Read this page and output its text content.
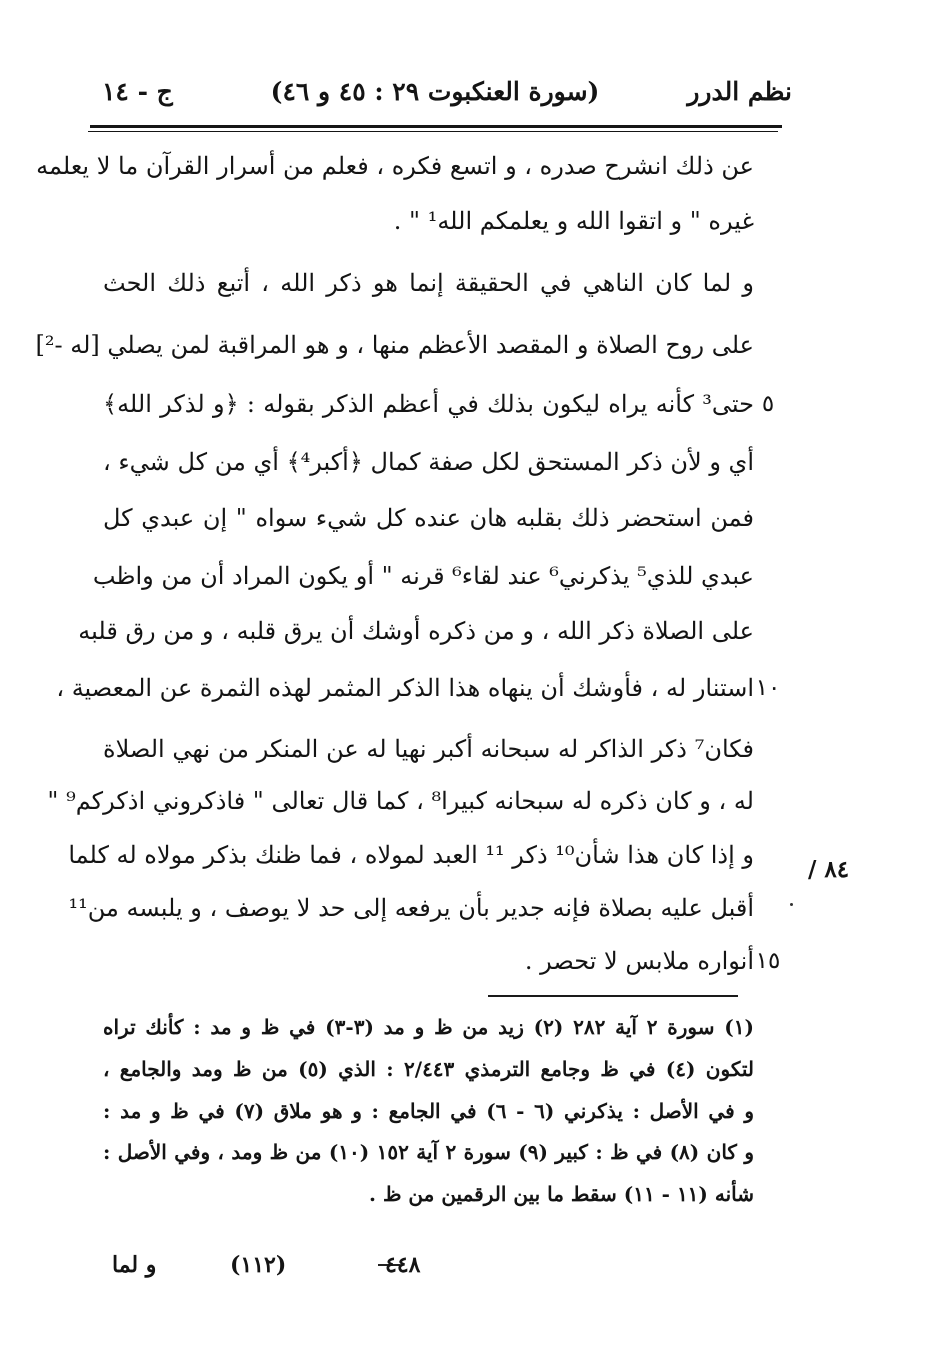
نظم الدرر
(سورة العنكبوت ٢٩ : ٤٥ و ٤٦)
ج - ١٤
عن ذلك انشرح صدره ، و اتسع فكره ، فعلم من أسرار القرآن ما لا يعلمه
غيره " و اتقوا الله و يعلمكم الله¹ " .
و لما كان الناهي في الحقيقة إنما هو ذكر الله ، أتبع ذلك الحث
على روح الصلاة و المقصد الأعظم منها ، و هو المراقبة لمن يصلي [له -²]
حتى³ كأنه يراه ليكون بذلك في أعظم الذكر بقوله : ﴿و لذكر الله﴾
أي و لأن ذكر المستحق لكل صفة كمال ﴿أكبر⁴﴾ أي من كل شيء ،
فمن استحضر ذلك بقلبه هان عنده كل شيء سواه " إن عبدي كل
عبدي للذي⁵ يذكرني⁶ عند لقاء⁶ قرنه " أو يكون المراد أن من واظب
على الصلاة ذكر الله ، و من ذكره أوشك أن يرق قلبه ، و من رق قلبه
استنار له ، فأوشك أن ينهاه هذا الذكر المثمر لهذه الثمرة عن المعصية ،
فكان⁷ ذكر الذاكر له سبحانه أكبر نهيا له عن المنكر من نهي الصلاة
له ، و كان ذكره له سبحانه كبيرا⁸ ، كما قال تعالى " فاذكروني اذكركم⁹ "
و إذا كان هذا شأن¹⁰ ذكر ¹¹ العبد لمولاه ، فما ظنك بذكر مولاه له كلما
أقبل عليه بصلاة فإنه جدير بأن يرفعه إلى حد لا يوصف ، و يلبسه من¹¹
أنواره ملابس لا تحصر .
٥
١٠
١٥
٨٤ /
(١) سورة ٢ آية ٢٨٢ (٢) زيد من ظ و مد (٣-٣) في ظ و مد : كأنك تراه
لتكون (٤) في ظ وجامع الترمذي ٢/٤٤٣ : الذي (٥) من ظ ومد والجامع ،
و في الأصل : يذكرني (٦ - ٦) في الجامع : و هو ملاق (٧) في ظ و مد :
و كان (٨) في ظ : كبير (٩) سورة ٢ آية ١٥٢ (١٠) من ظ ومد ، وفي الأصل :
شأنه (١١ - ١١) سقط ما بين الرقمين من ظ .
٤٤٨
(١١٢)
و لما
